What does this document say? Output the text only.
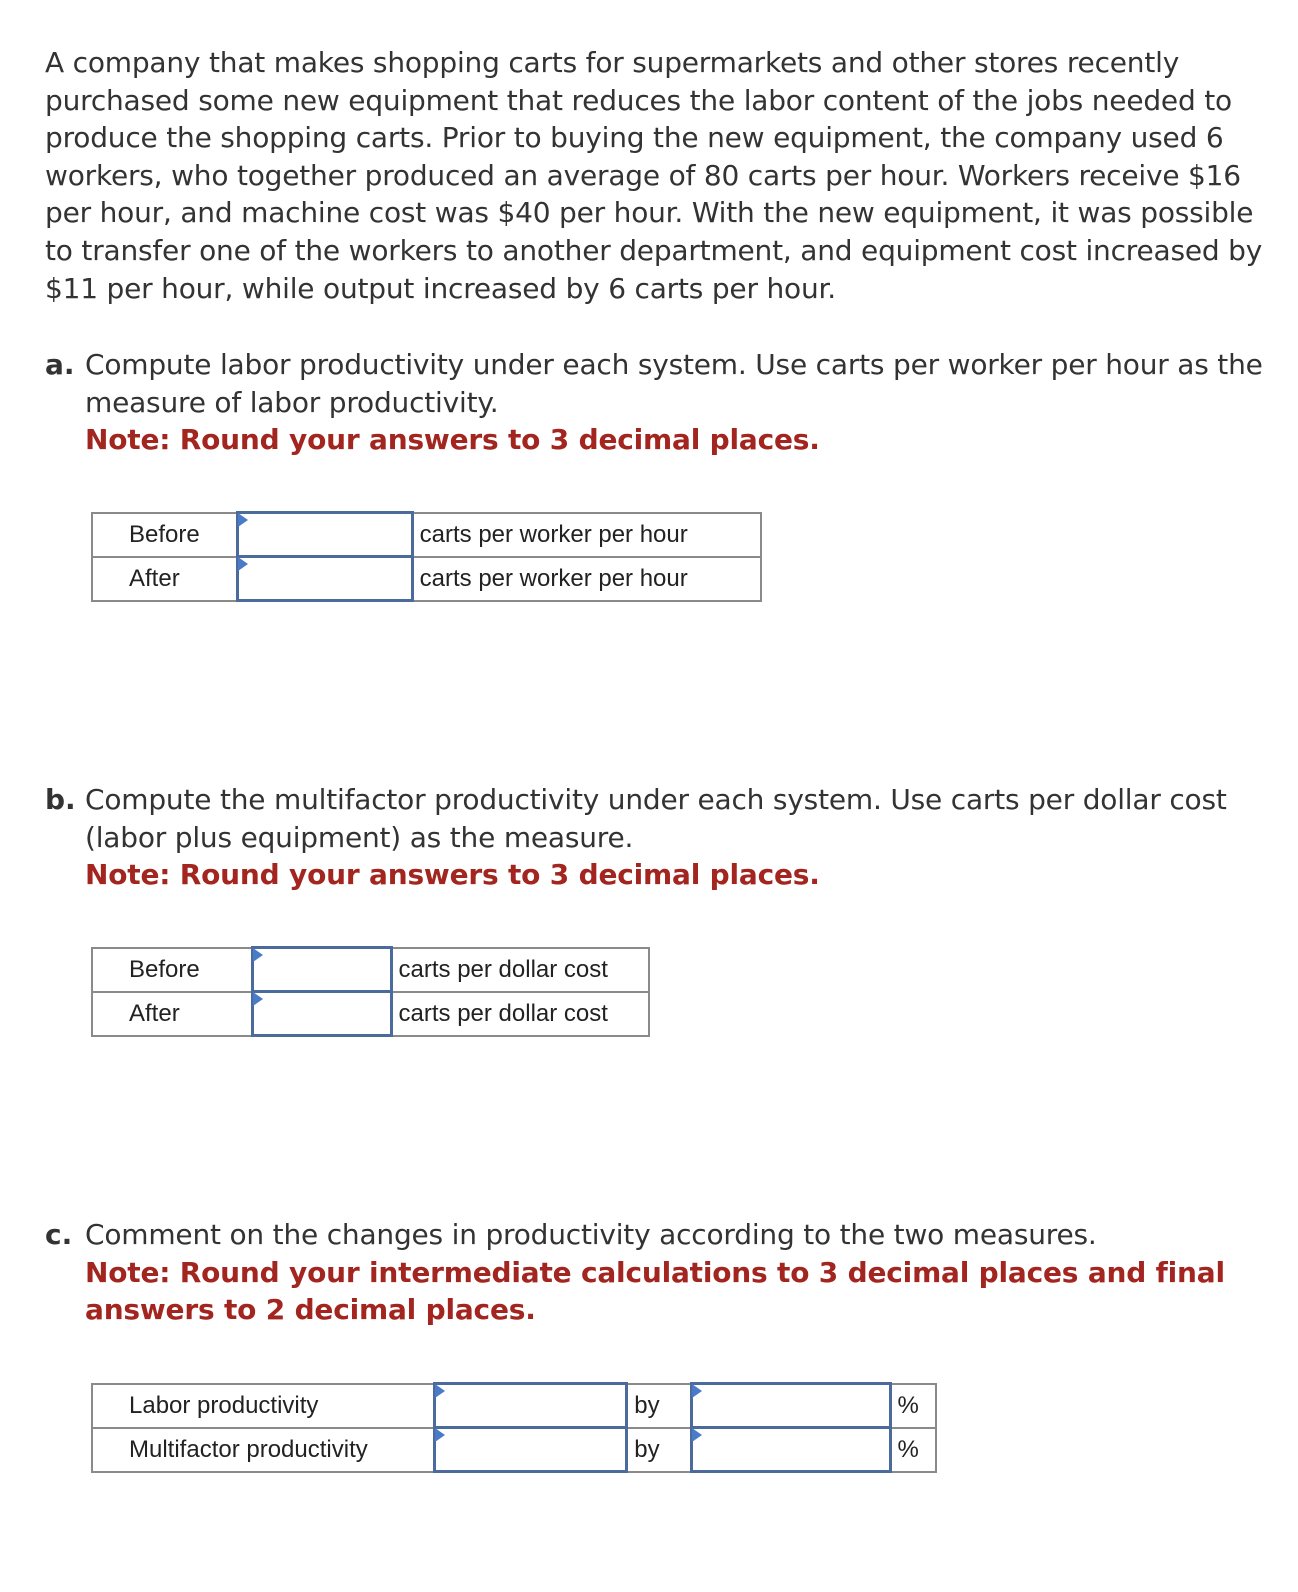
A company that makes shopping carts for supermarkets and other stores recently purchased some new equipment that reduces the labor content of the jobs needed to produce the shopping carts. Prior to buying the new equipment, the company used 6 workers, who together produced an average of 80 carts per hour. Workers receive $16 per hour, and machine cost was $40 per hour. With the new equipment, it was possible to transfer one of the workers to another department, and equipment cost increased by $11 per hour, while output increased by 6 carts per hour.

a. Compute labor productivity under each system. Use carts per worker per hour as the measure of labor productivity.
Note: Round your answers to 3 decimal places.
Before		carts per worker per hour
After		carts per worker per hour
b. Compute the multifactor productivity under each system. Use carts per dollar cost (labor plus equipment) as the measure.
Note: Round your answers to 3 decimal places.
Before		carts per dollar cost
After		carts per dollar cost
c. Comment on the changes in productivity according to the two measures.
Note: Round your intermediate calculations to 3 decimal places and final answers to 2 decimal places.
Labor productivity		by		%
Multifactor productivity		by		%
